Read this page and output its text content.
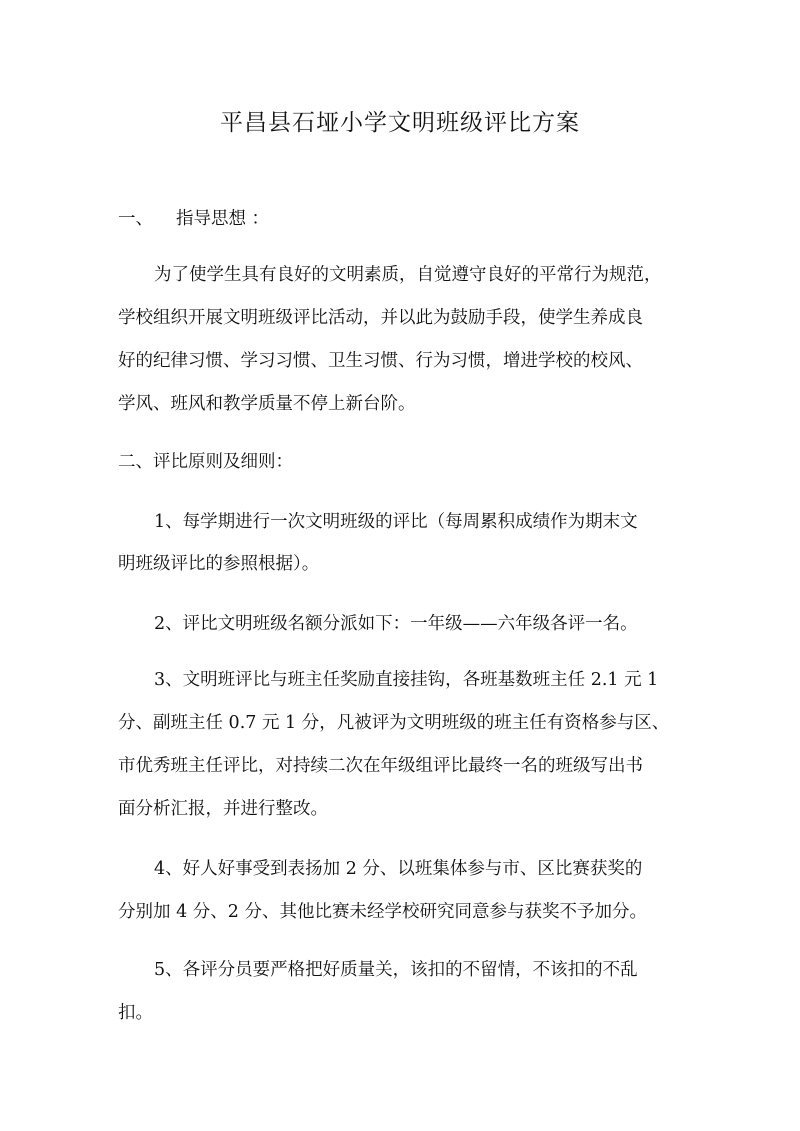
平昌县石垭小学文明班级评比方案
一、 指导思想 ：
为了使学生具有良好的文明素质，自觉遵守良好的平常行为规范，
学校组织开展文明班级评比活动，并以此为鼓励手段，使学生养成良
好的纪律习惯、学习习惯、卫生习惯、行为习惯，增进学校的校风、
学风、班风和教学质量不停上新台阶。
二、评比原则及细则：
1、每学期进行一次文明班级的评比（每周累积成绩作为期末文
明班级评比的参照根据）。
2、评比文明班级名额分派如下：一年级——六年级各评一名。
3、文明班评比与班主任奖励直接挂钩，各班基数班主任 2.1 元 1
分、副班主任 0.7 元 1 分，凡被评为文明班级的班主任有资格参与区、
市优秀班主任评比，对持续二次在年级组评比最终一名的班级写出书
面分析汇报，并进行整改。
4、好人好事受到表扬加 2 分、以班集体参与市、区比赛获奖的
分别加 4 分、2 分、其他比赛未经学校研究同意参与获奖不予加分。
5、各评分员要严格把好质量关，该扣的不留情，不该扣的不乱
扣。
